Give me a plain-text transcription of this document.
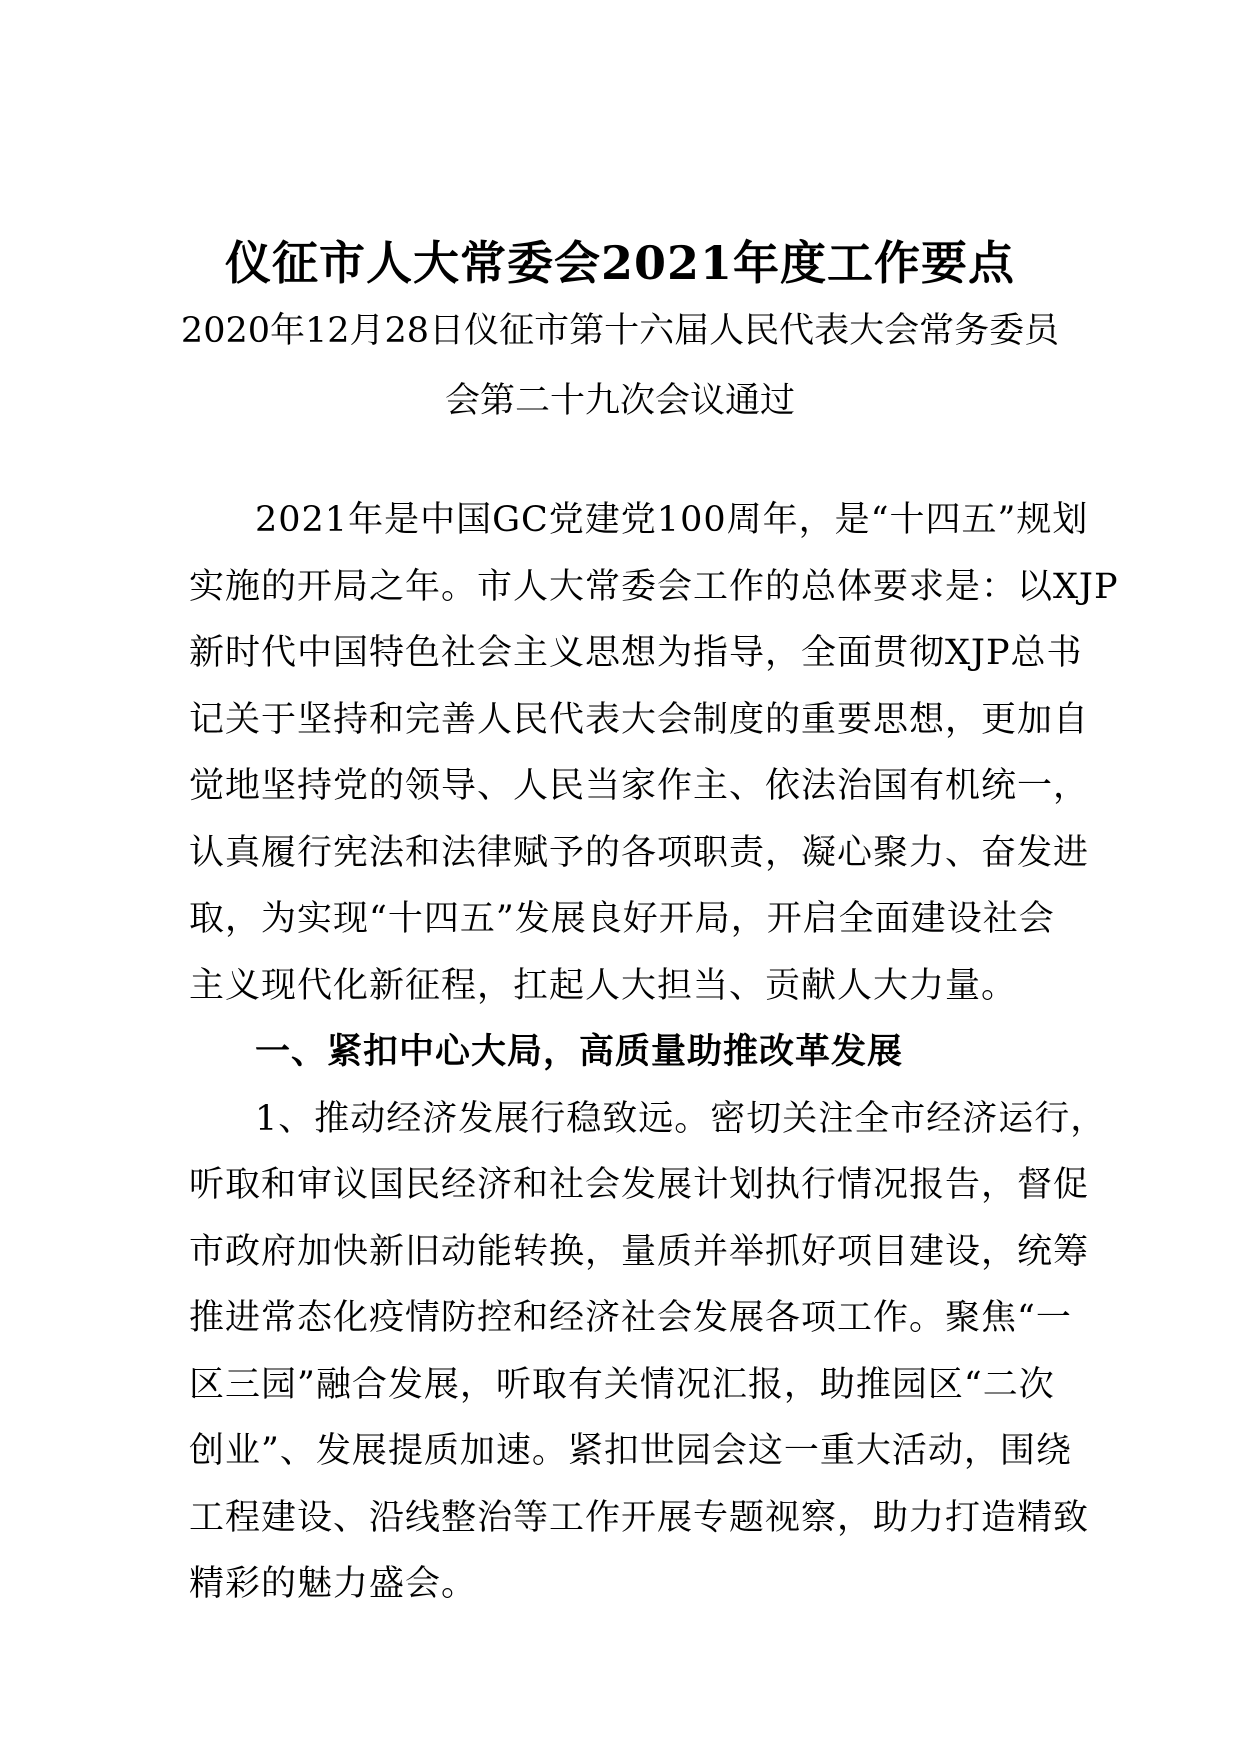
仪征市人大常委会2021年度工作要点
2020年12月28日仪征市第十六届人民代表大会常务委员
会第二十九次会议通过

2021年是中国GC党建党100周年，是“十四五”规划
实施的开局之年。市人大常委会工作的总体要求是：以XJP
新时代中国特色社会主义思想为指导，全面贯彻XJP总书
记关于坚持和完善人民代表大会制度的重要思想，更加自
觉地坚持党的领导、人民当家作主、依法治国有机统一，
认真履行宪法和法律赋予的各项职责，凝心聚力、奋发进
取，为实现“十四五”发展良好开局，开启全面建设社会
主义现代化新征程，扛起人大担当、贡献人大力量。

一、紧扣中心大局，高质量助推改革发展

1、推动经济发展行稳致远。密切关注全市经济运行，
听取和审议国民经济和社会发展计划执行情况报告，督促
市政府加快新旧动能转换，量质并举抓好项目建设，统筹
推进常态化疫情防控和经济社会发展各项工作。聚焦“一
区三园”融合发展，听取有关情况汇报，助推园区“二次
创业”、发展提质加速。紧扣世园会这一重大活动，围绕
工程建设、沿线整治等工作开展专题视察，助力打造精致
精彩的魅力盛会。
